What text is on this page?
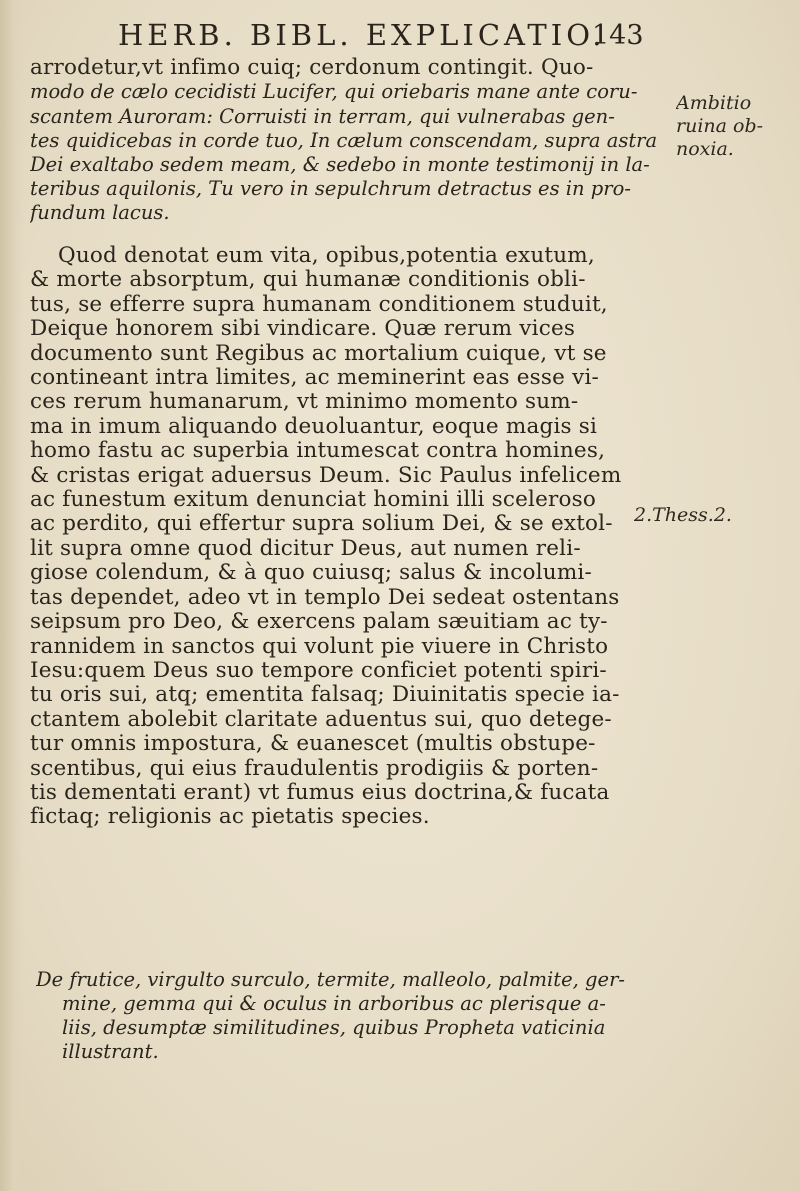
HERB. BIBL. EXPLICATIO.
143
arrodetur,vt infimo cuiq; cerdonum contingit. Quo-
modo de cælo cecidisti Lucifer, qui oriebaris mane ante coru-
scantem Auroram: Corruisti in terram, qui vulnerabas gen-
tes quidicebas in corde tuo, In cælum conscendam, supra astra
Dei exaltabo sedem meam, & sedebo in monte testimonij in la-
teribus aquilonis, Tu vero in sepulchrum detractus es in pro-
fundum lacus.
Quod denotat eum vita, opibus,potentia exutum,
& morte absorptum, qui humanæ conditionis obli-
tus, se efferre supra humanam conditionem studuit,
Deique honorem sibi vindicare. Quæ rerum vices
documento sunt Regibus ac mortalium cuique, vt se
contineant intra limites, ac meminerint eas esse vi-
ces rerum humanarum, vt minimo momento sum-
ma in imum aliquando deuoluantur, eoque magis si
homo fastu ac superbia intumescat contra homines,
& cristas erigat aduersus Deum. Sic Paulus infelicem
ac funestum exitum denunciat homini illi scelerosо
ac perdito, qui effertur supra solium Dei, & se extol-
lit supra omne quod dicitur Deus, aut numen reli-
giose colendum, & à quo cuiusq; salus & incolumi-
tas dependet, adeo vt in templo Dei sedeat ostentans
seipsum pro Deo, & exercens palam sæuitiam ac ty-
rannidem in sanctos qui volunt pie viuere in Christo
Iesu:quem Deus suo tempore conficiet potenti spiri-
tu oris sui, atq; ementita falsaq; Diuinitatis specie ia-
ctantem abolebit claritate aduentus sui, quo detege-
tur omnis impostura, & euanescet (multis obstupe-
scentibus, qui eius fraudulentis prodigiis & porten-
tis dementati erant) vt fumus eius doctrina,& fucata
fictaq; religionis ac pietatis species.
De frutice, virgulto surculo, termite, malleolo, palmite, ger-
mine, gemma qui & oculus in arboribus ac plerisque a-
liis, desumptæ similitudines, quibus Propheta vaticinia
illustrant.
Ambitio
ruina ob-
noxia.
2.Thess.2.
